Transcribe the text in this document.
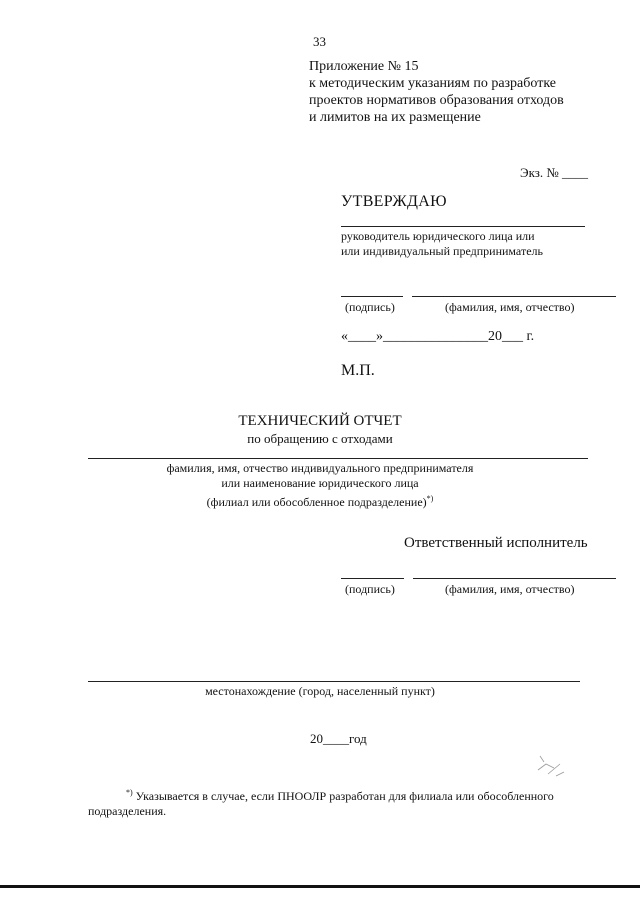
33
Приложение № 15
к методическим указаниям по разработке
проектов нормативов образования отходов
и лимитов на их размещение
Экз. № ____
УТВЕРЖДАЮ
руководитель юридического лица или
или индивидуальный предприниматель
(подпись)	(фамилия, имя, отчество)
«____»_______________20___ г.
М.П.
ТЕХНИЧЕСКИЙ ОТЧЕТ
по обращению с отходами
фамилия, имя, отчество индивидуального предпринимателя
или наименование юридического лица
(филиал или обособленное подразделение)*)
Ответственный исполнитель
(подпись)	(фамилия, имя, отчество)
местонахождение (город, населенный пункт)
20____год
*) Указывается в случае, если ПНООЛР разработан для филиала или обособленного
подразделения.
